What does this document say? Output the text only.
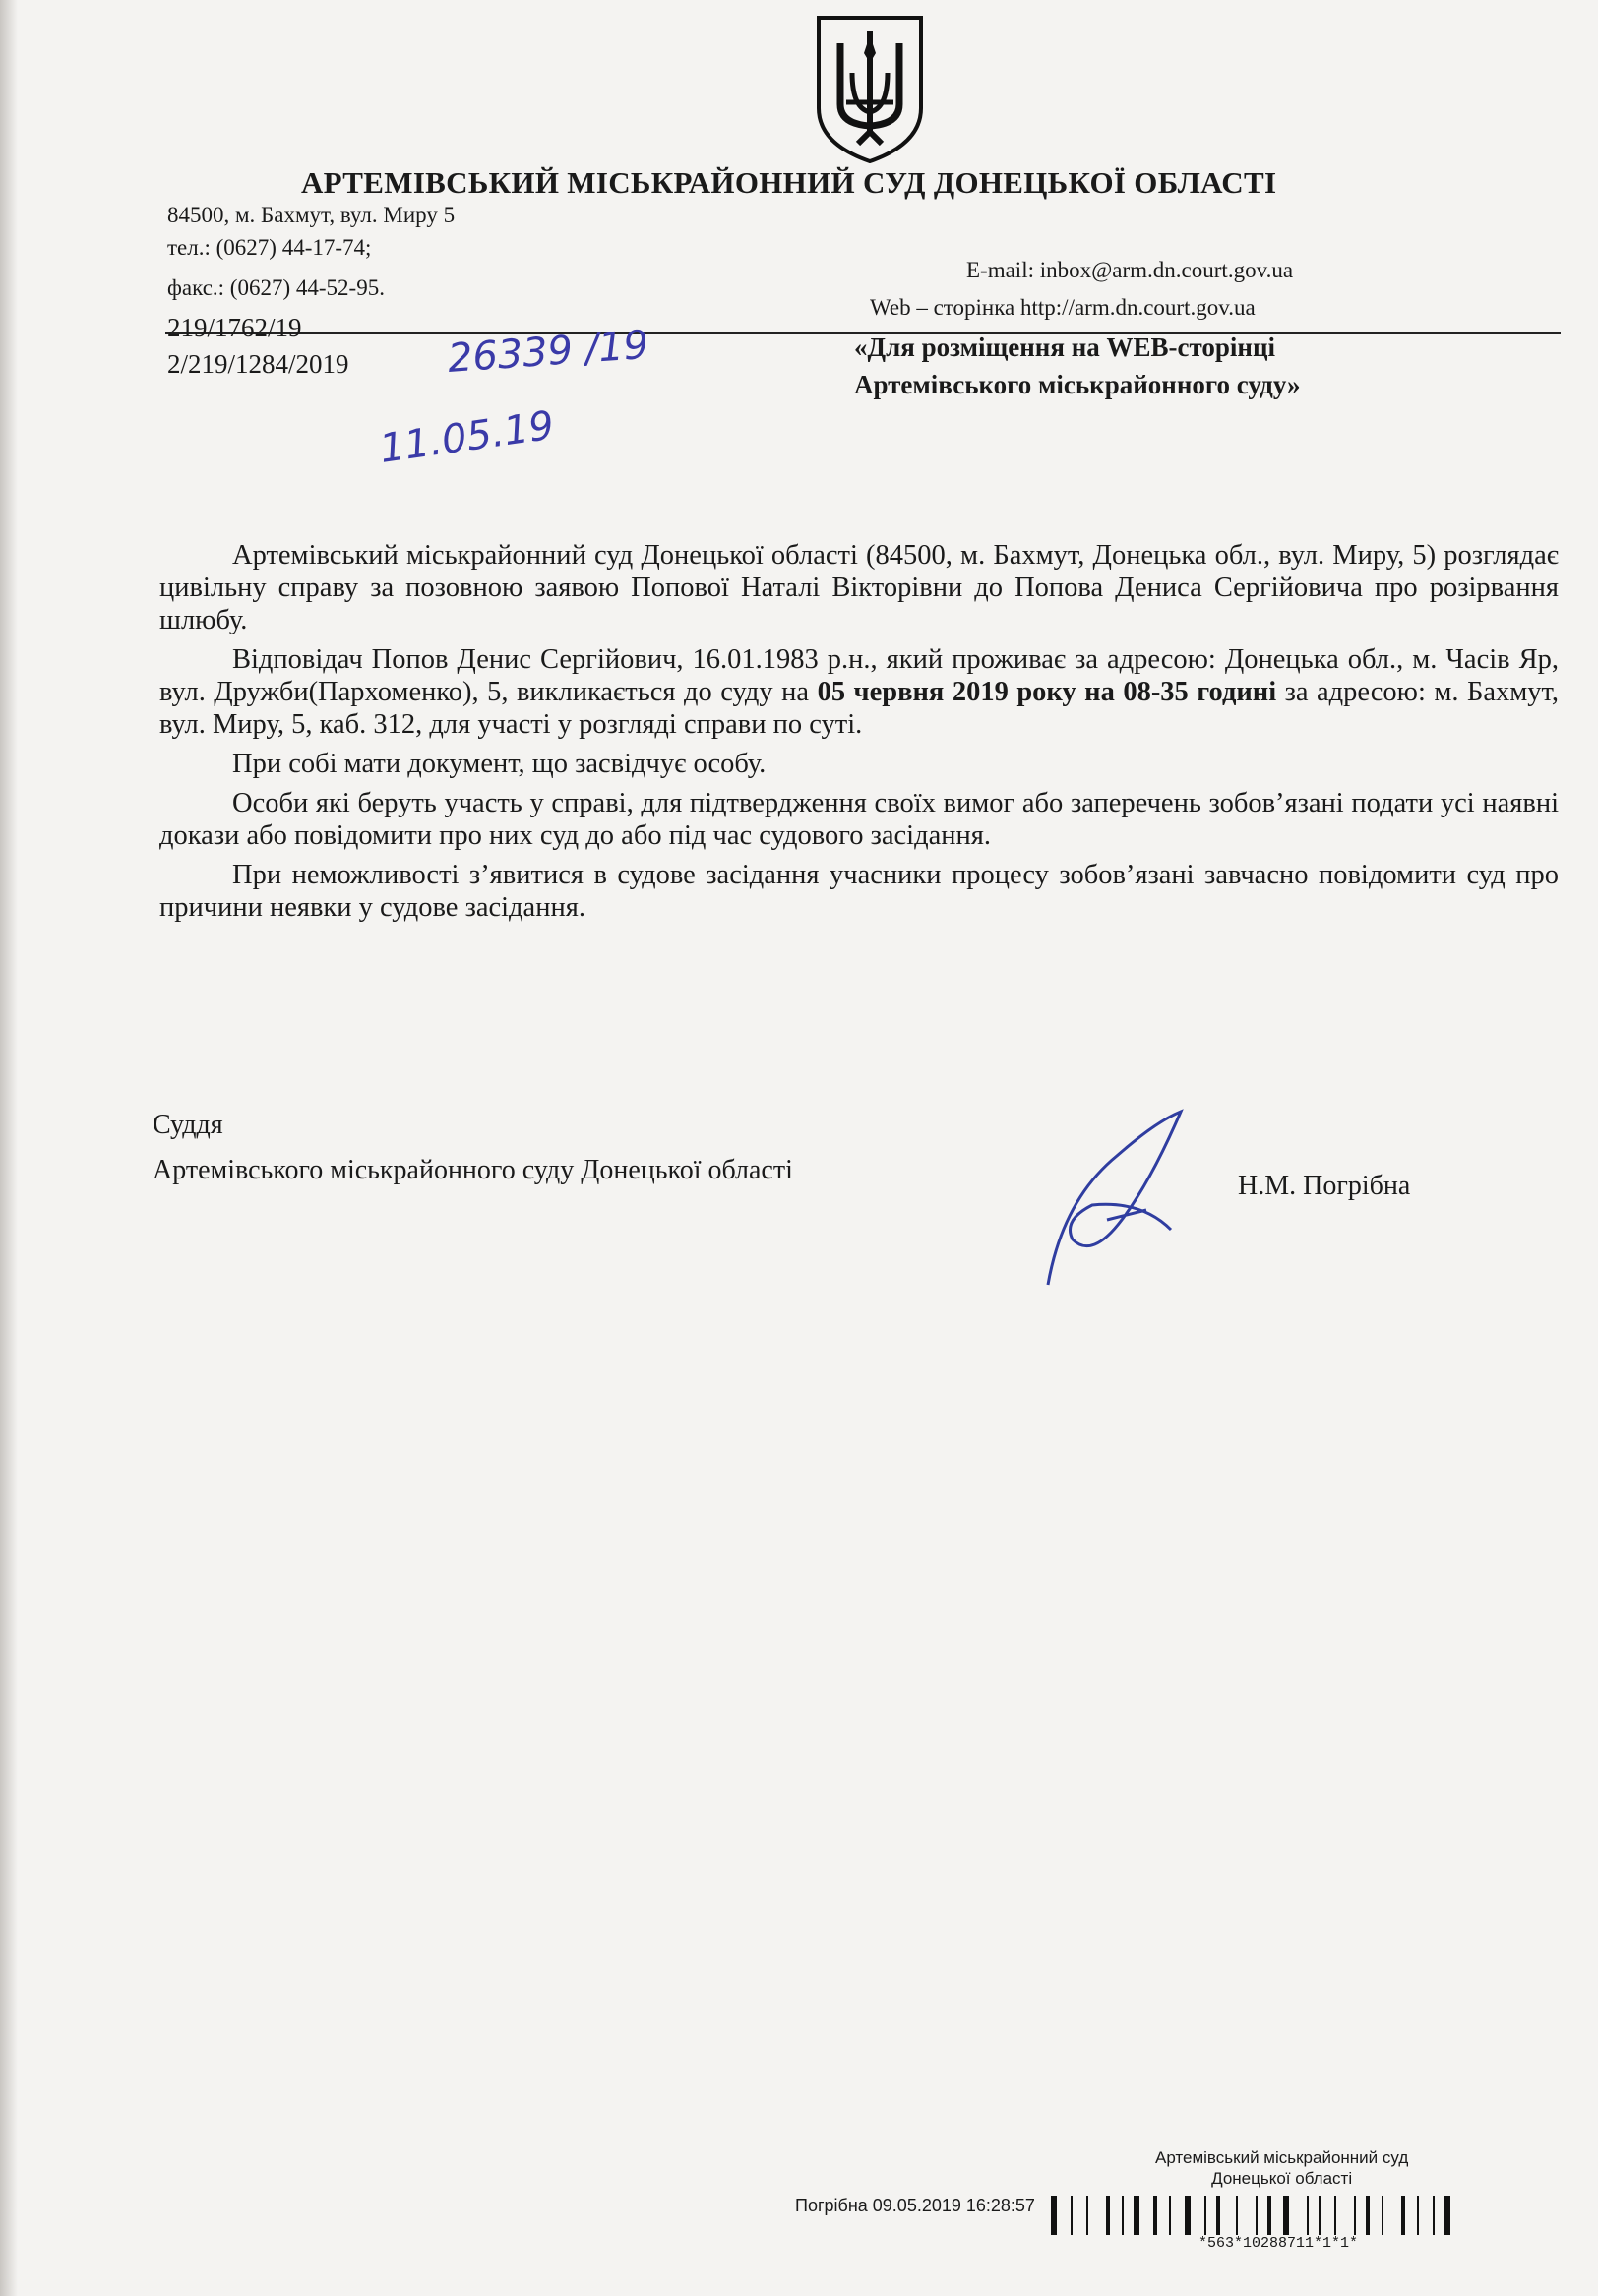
АРТЕМІВСЬКИЙ МІСЬКРАЙОННИЙ СУД ДОНЕЦЬКОЇ ОБЛАСТІ
84500, м. Бахмут, вул. Миру 5
тел.: (0627) 44-17-74;
факс.: (0627) 44-52-95.
E-mail: inbox@arm.dn.court.gov.ua
Web – сторінка http://arm.dn.court.gov.ua
219/1762/19
2/219/1284/2019
«Для розміщення на WEB-сторінці
Артемівського міськрайонного суду»
26339 /19
11.05.19

Артемівський міськрайонний суд Донецької області (84500, м. Бахмут, Донецька обл., вул. Миру, 5) розглядає цивільну справу за позовною заявою Попової Наталі Вікторівни до Попова Дениса Сергійовича про розірвання шлюбу.

Відповідач Попов Денис Сергійович, 16.01.1983 р.н., який проживає за адресою: Донецька обл., м. Часів Яр, вул. Дружби(Пархоменко), 5, викликається до суду на 05 червня 2019 року на 08-35 годині за адресою: м. Бахмут, вул. Миру, 5, каб. 312, для участі у розгляді справи по суті.

При собі мати документ, що засвідчує особу.

Особи які беруть участь у справі, для підтвердження своїх вимог або заперечень зобов’язані подати усі наявні докази або повідомити про них суд до або під час судового засідання.

При неможливості з’явитися в судове засідання учасники процесу зобов’язані завчасно повідомити суд про причини неявки у судове засідання.

Суддя
Артемівського міськрайонного суду Донецької області
Н.М. Погрібна
Артемівський міськрайонний суд
Донецької області
Погрібна 09.05.2019 16:28:57
*563*10288711*1*1*
